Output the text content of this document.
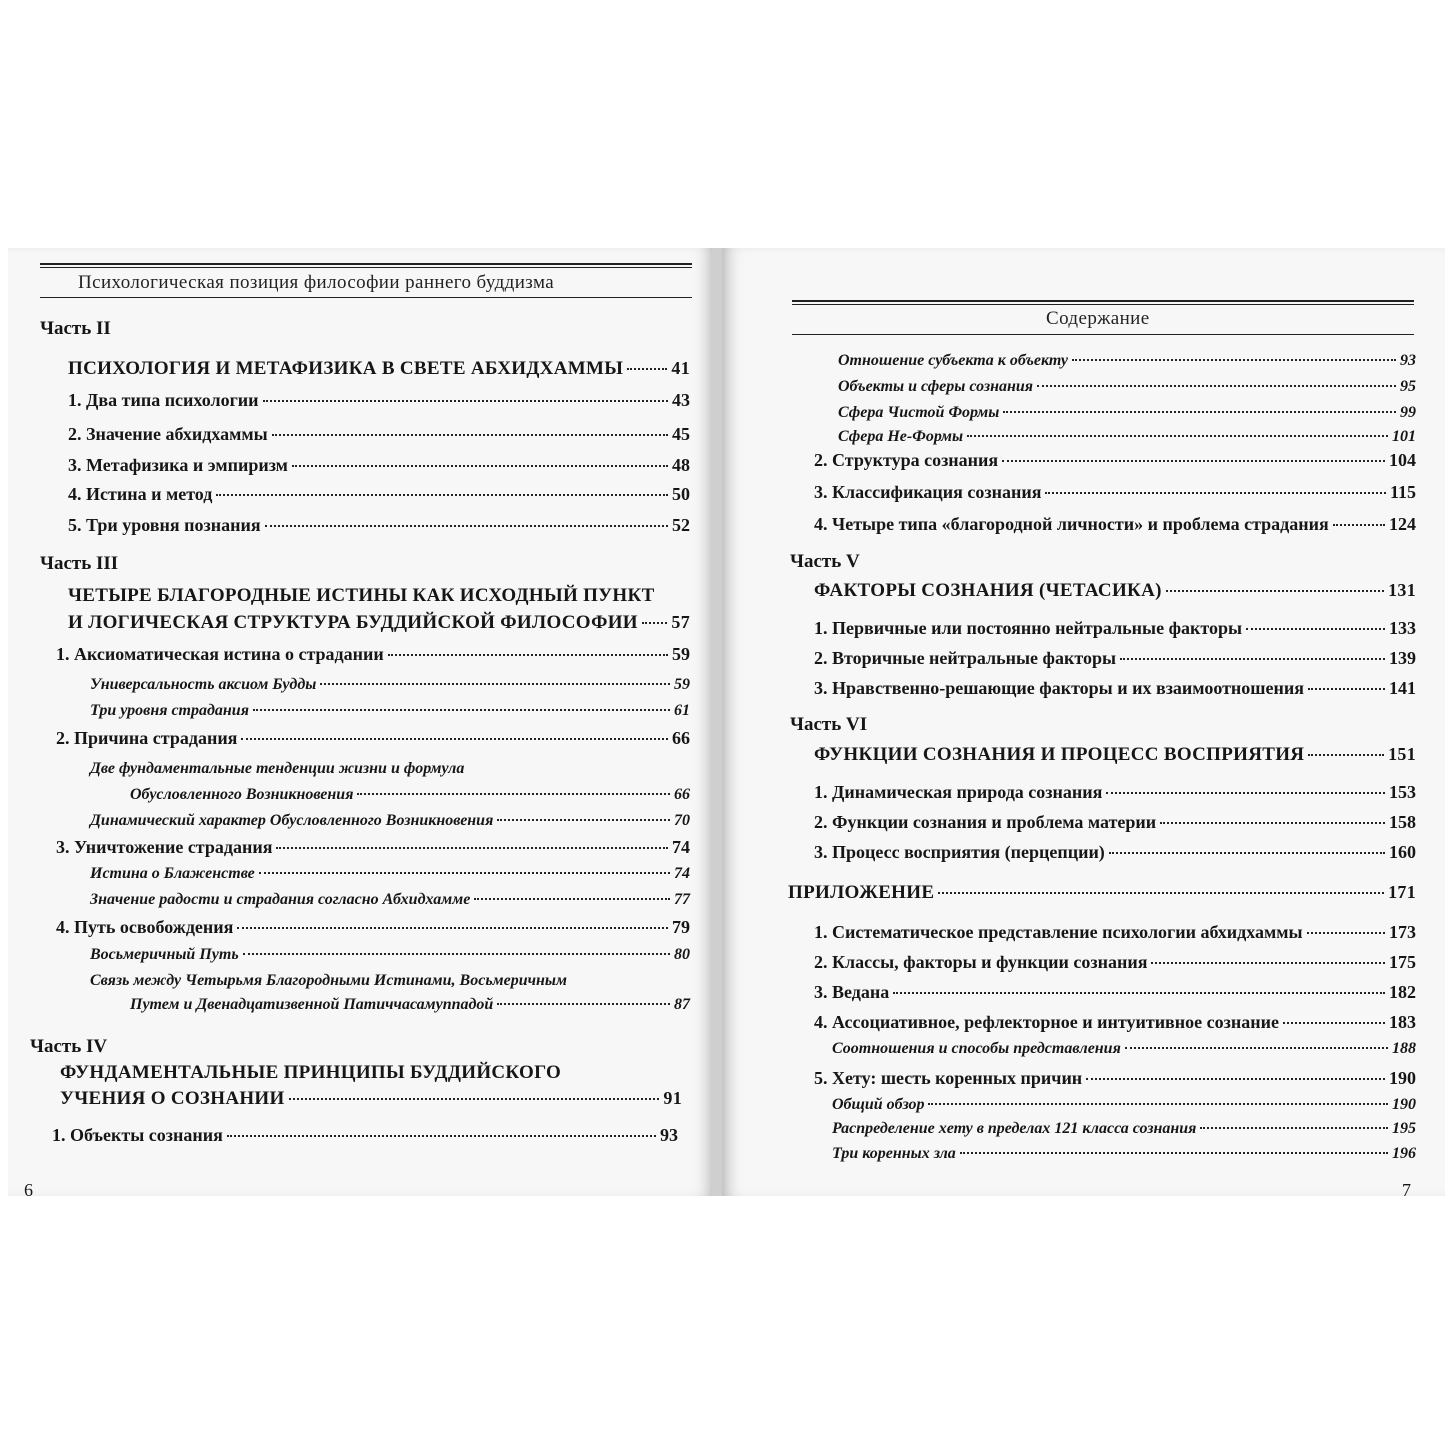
Психологическая позиция философии раннего буддизма
Часть II
ПСИХОЛОГИЯ И МЕТАФИЗИКА В СВЕТЕ АБХИДХАММЫ	41
1. Два типа психологии	43
2. Значение абхидхаммы	45
3. Метафизика и эмпиризм	48
4. Истина и метод	50
5. Три уровня познания	52
Часть III
ЧЕТЫРЕ БЛАГОРОДНЫЕ ИСТИНЫ КАК ИСХОДНЫЙ ПУНКТ
И ЛОГИЧЕСКАЯ СТРУКТУРА БУДДИЙСКОЙ ФИЛОСОФИИ 57
1. Аксиоматическая истина о страдании	59
Универсальность аксиом Будды	59
Три уровня страдания	61
2. Причина страдания	66
Две фундаментальные тенденции жизни и формула
Обусловленного Возникновения	66
Динамический характер Обусловленного Возникновения	70
3. Уничтожение страдания	74
Истина о Блаженстве	74
Значение радости и страдания согласно Абхидхамме	77
4. Путь освобождения	79
Восьмеричный Путь	80
Связь между Четырьмя Благородными Истинами, Восьмеричным
Путем и Двенадцатизвенной Патиччасамуппадой	87
Часть IV
ФУНДАМЕНТАЛЬНЫЕ ПРИНЦИПЫ БУДДИЙСКОГО
УЧЕНИЯ О СОЗНАНИИ	91
1. Объекты сознания	93
6
Содержание
Отношение субъекта к объекту	93
Объекты и сферы сознания	95
Сфера Чистой Формы	99
Сфера Не-Формы	101
2. Структура сознания	104
3. Классификация сознания	115
4. Четыре типа «благородной личности» и проблема страдания	124
Часть V
ФАКТОРЫ СОЗНАНИЯ (ЧЕТАСИКА)	131
1. Первичные или постоянно нейтральные факторы	133
2. Вторичные нейтральные факторы	139
3. Нравственно-решающие факторы и их взаимоотношения	141
Часть VI
ФУНКЦИИ СОЗНАНИЯ И ПРОЦЕСС ВОСПРИЯТИЯ	151
1. Динамическая природа сознания	153
2. Функции сознания и проблема материи	158
3. Процесс восприятия (перцепции)	160
ПРИЛОЖЕНИЕ	171
1. Систематическое представление психологии абхидхаммы	173
2. Классы, факторы и функции сознания	175
3. Ведана	182
4. Ассоциативное, рефлекторное и интуитивное сознание	183
Соотношения и способы представления	188
5. Хету: шесть коренных причин	190
Общий обзор	190
Распределение хету в пределах 121 класса сознания	195
Три коренных зла	196
7
